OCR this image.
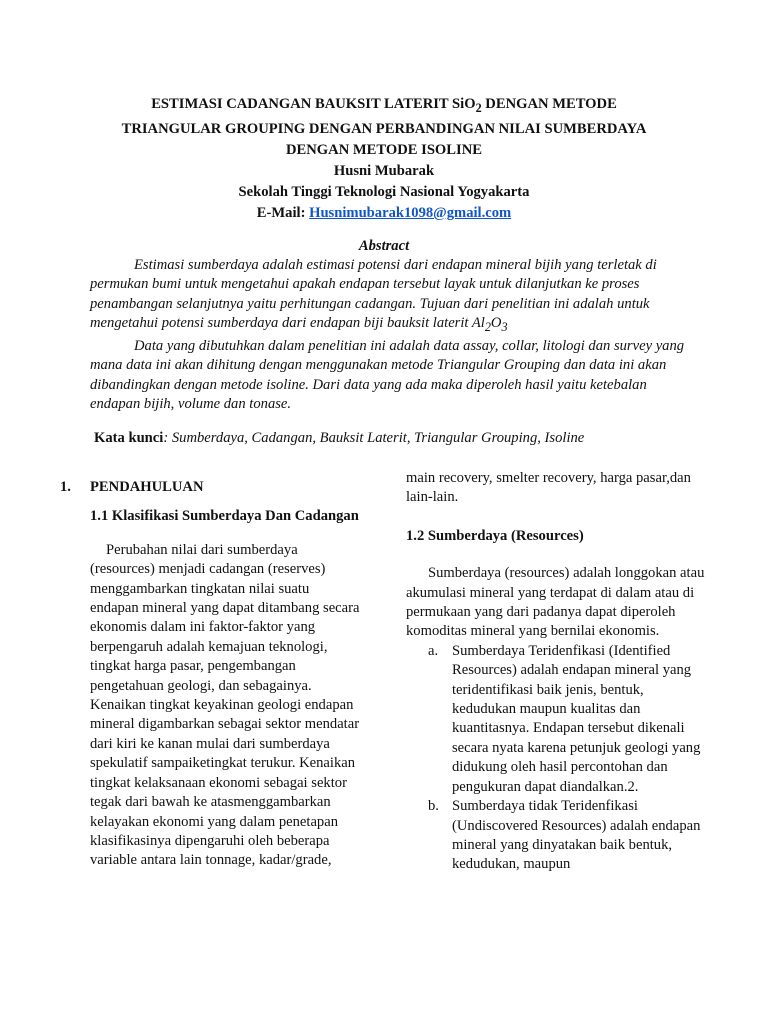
ESTIMASI CADANGAN BAUKSIT LATERIT SiO$_2$ DENGAN METODE
TRIANGULAR GROUPING DENGAN PERBANDINGAN NILAI SUMBERDAYA
DENGAN METODE ISOLINE
Husni Mubarak
Sekolah Tinggi Teknologi Nasional Yogyakarta
E-Mail: Husnimubarak1098@gmail.com
Abstract

Estimasi sumberdaya adalah estimasi potensi dari endapan mineral bijih yang terletak di permukan bumi untuk mengetahui apakah endapan tersebut layak untuk dilanjutkan ke proses penambangan selanjutnya yaitu perhitungan cadangan. Tujuan dari penelitian ini adalah untuk mengetahui potensi sumberdaya dari endapan biji bauksit laterit $Al_2O_3$

Data yang dibutuhkan dalam penelitian ini adalah data assay, collar, litologi dan survey yang mana data ini akan dihitung dengan menggunakan metode Triangular Grouping dan data ini akan dibandingkan dengan metode isoline. Dari data yang ada maka diperoleh hasil yaitu ketebalan endapan bijih, volume dan tonase.

Kata kunci: Sumberdaya, Cadangan, Bauksit Laterit, Triangular Grouping, Isoline

1. PENDAHULUAN

1.1 Klasifikasi Sumberdaya Dan Cadangan

Perubahan nilai dari sumberdaya (resources) menjadi cadangan (reserves) menggambarkan tingkatan nilai suatu endapan mineral yang dapat ditambang secara ekonomis dalam ini faktor-faktor yang berpengaruh adalah kemajuan teknologi, tingkat harga pasar, pengembangan pengetahuan geologi, dan sebagainya. Kenaikan tingkat keyakinan geologi endapan mineral digambarkan sebagai sektor mendatar dari kiri ke kanan mulai dari sumberdaya spekulatif sampaiketingkat terukur. Kenaikan tingkat kelaksanaan ekonomi sebagai sektor tegak dari bawah ke atasmenggambarkan kelayakan ekonomi yang dalam penetapan klasifikasinya dipengaruhi oleh beberapa variable antara lain tonnage, kadar/grade,

main recovery, smelter recovery, harga pasar,dan lain-lain.

1.2 Sumberdaya (Resources)

Sumberdaya (resources) adalah longgokan atau akumulasi mineral yang terdapat di dalam atau di permukaan yang dari padanya dapat diperoleh komoditas mineral yang bernilai ekonomis.

a. Sumberdaya Teridenfikasi (Identified Resources) adalah endapan mineral yang teridentifikasi baik jenis, bentuk, kedudukan maupun kualitas dan kuantitasnya. Endapan tersebut dikenali secara nyata karena petunjuk geologi yang didukung oleh hasil percontohan dan pengukuran dapat diandalkan.2.
b. Sumberdaya tidak Teridenfikasi (Undiscovered Resources) adalah endapan mineral yang dinyatakan baik bentuk, kedudukan, maupun
